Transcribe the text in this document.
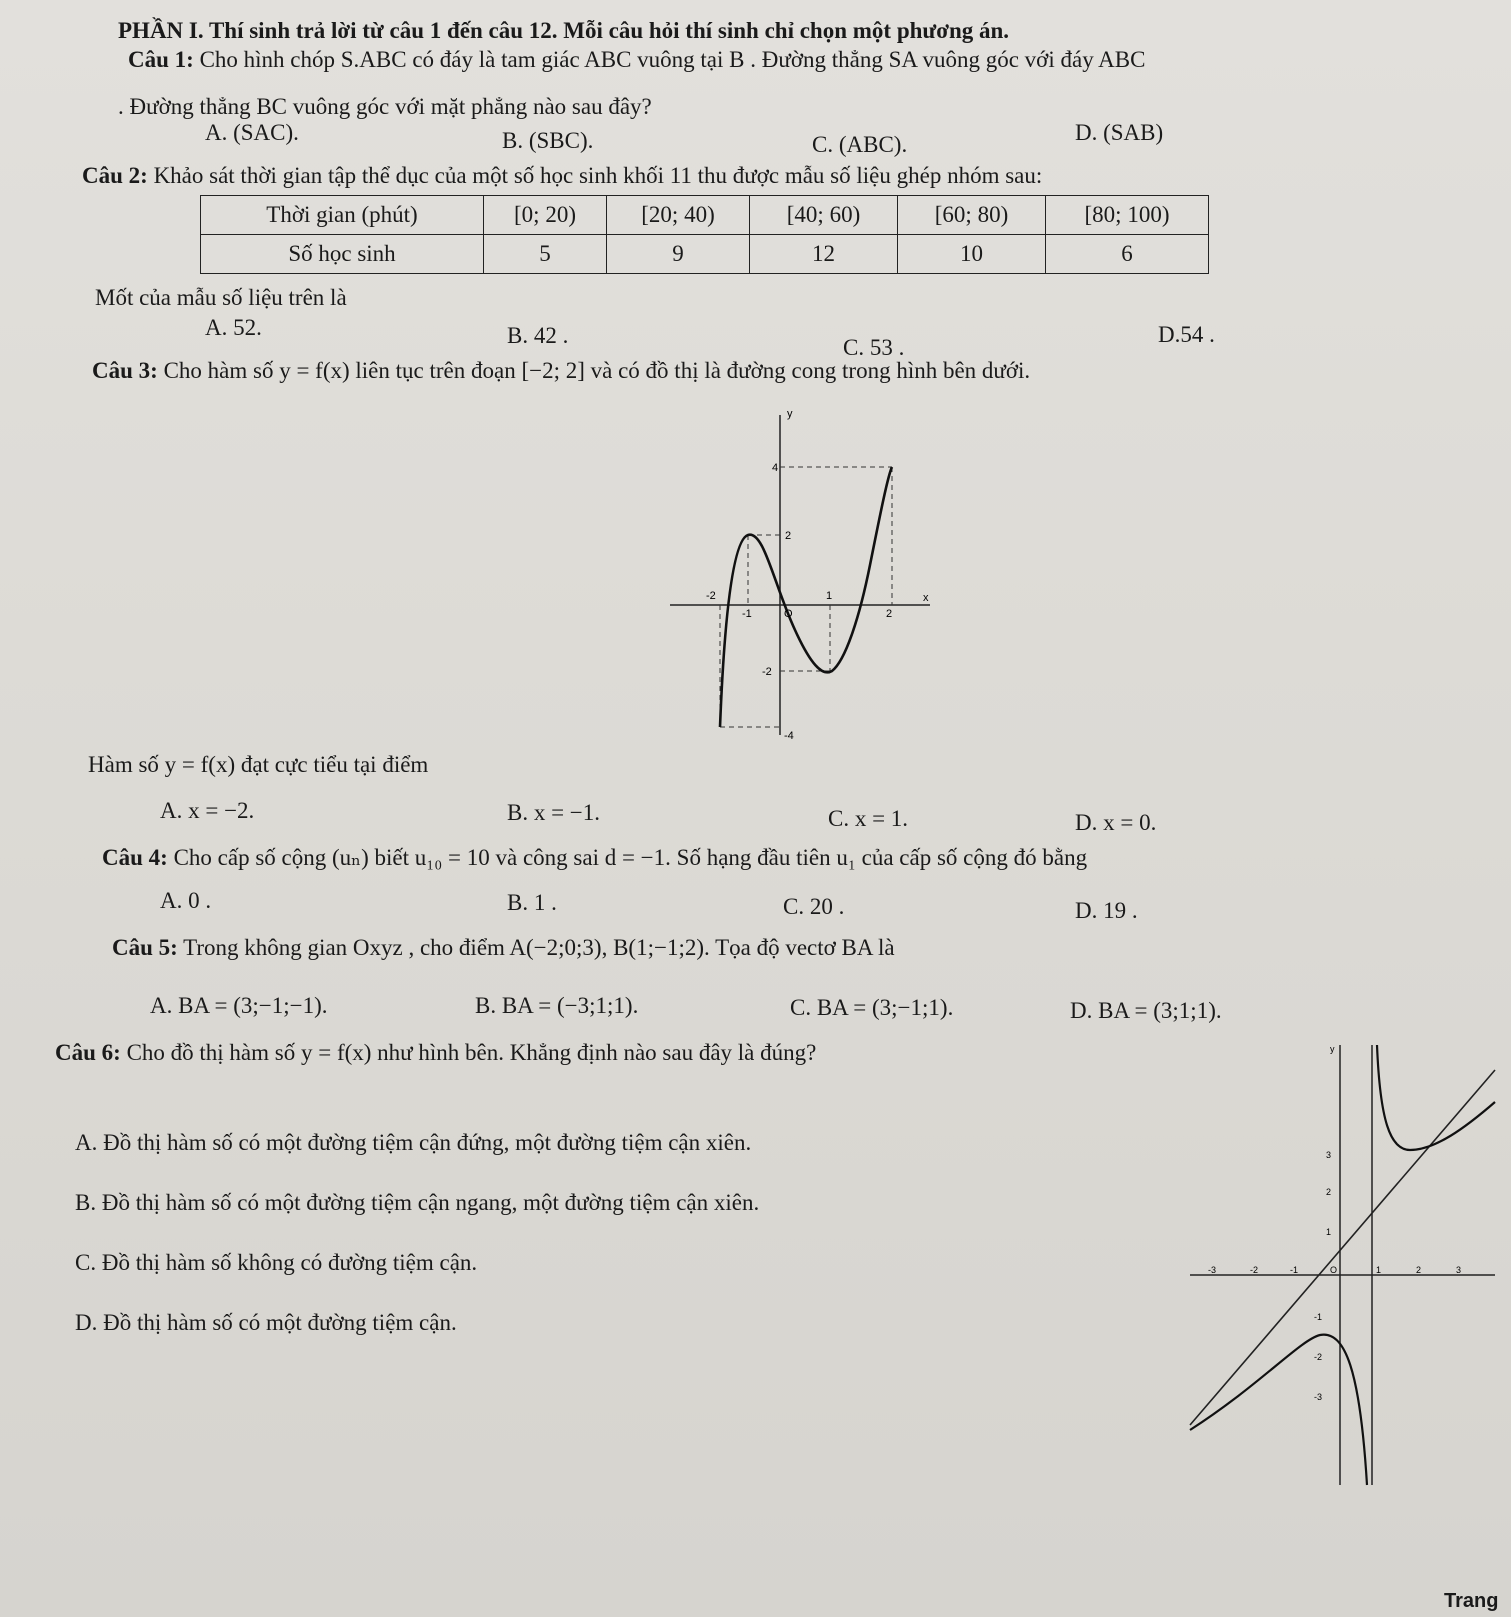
PHẦN I. Thí sinh trả lời từ câu 1 đến câu 12. Mỗi câu hỏi thí sinh chỉ chọn một phương án.
Câu 1: Cho hình chóp S.ABC có đáy là tam giác ABC vuông tại B . Đường thẳng SA vuông góc với đáy ABC
. Đường thẳng BC vuông góc với mặt phẳng nào sau đây?
A. (SAC).	B. (SBC).	C. (ABC).	D. (SAB)
Câu 2: Khảo sát thời gian tập thể dục của một số học sinh khối 11 thu được mẫu số liệu ghép nhóm sau:
Thời gian (phút)	[0; 20)	[20; 40)	[40; 60)	[60; 80)	[80; 100)
Số học sinh	5	9	12	10	6
Mốt của mẫu số liệu trên là
A. 52.	B. 42 .	C. 53 .
D.54 .
Câu 3: Cho hàm số y = f(x) liên tục trên đoạn [−2; 2] và có đồ thị là đường cong trong hình bên dưới.
y
x
4
2
-2
-1	O
1
2
-2
-4
Hàm số y = f(x) đạt cực tiểu tại điểm
A. x = −2.	B. x = −1.	C. x = 1.	D. x = 0.
Câu 4: Cho cấp số cộng (uₙ) biết u₁₀ = 10 và công sai d = −1. Số hạng đầu tiên u₁ của cấp số cộng đó bằng
A. 0 .	B. 1 .	C. 20 .	D. 19 .
Câu 5: Trong không gian Oxyz , cho điểm A(−2;0;3), B(1;−1;2). Tọa độ vectơ BA là
A. BA = (3;−1;−1).	B. BA = (−3;1;1).	C. BA = (3;−1;1).	D. BA = (3;1;1).
Câu 6: Cho đồ thị hàm số y = f(x) như hình bên. Khẳng định nào sau đây là đúng?
A. Đồ thị hàm số có một đường tiệm cận đứng, một đường tiệm cận xiên.
B. Đồ thị hàm số có một đường tiệm cận ngang, một đường tiệm cận xiên.
C. Đồ thị hàm số không có đường tiệm cận.
D. Đồ thị hàm số có một đường tiệm cận.
y
3
2
1
-3	-2	-1	O	1	2	3
-1
-2
-3
Trang
